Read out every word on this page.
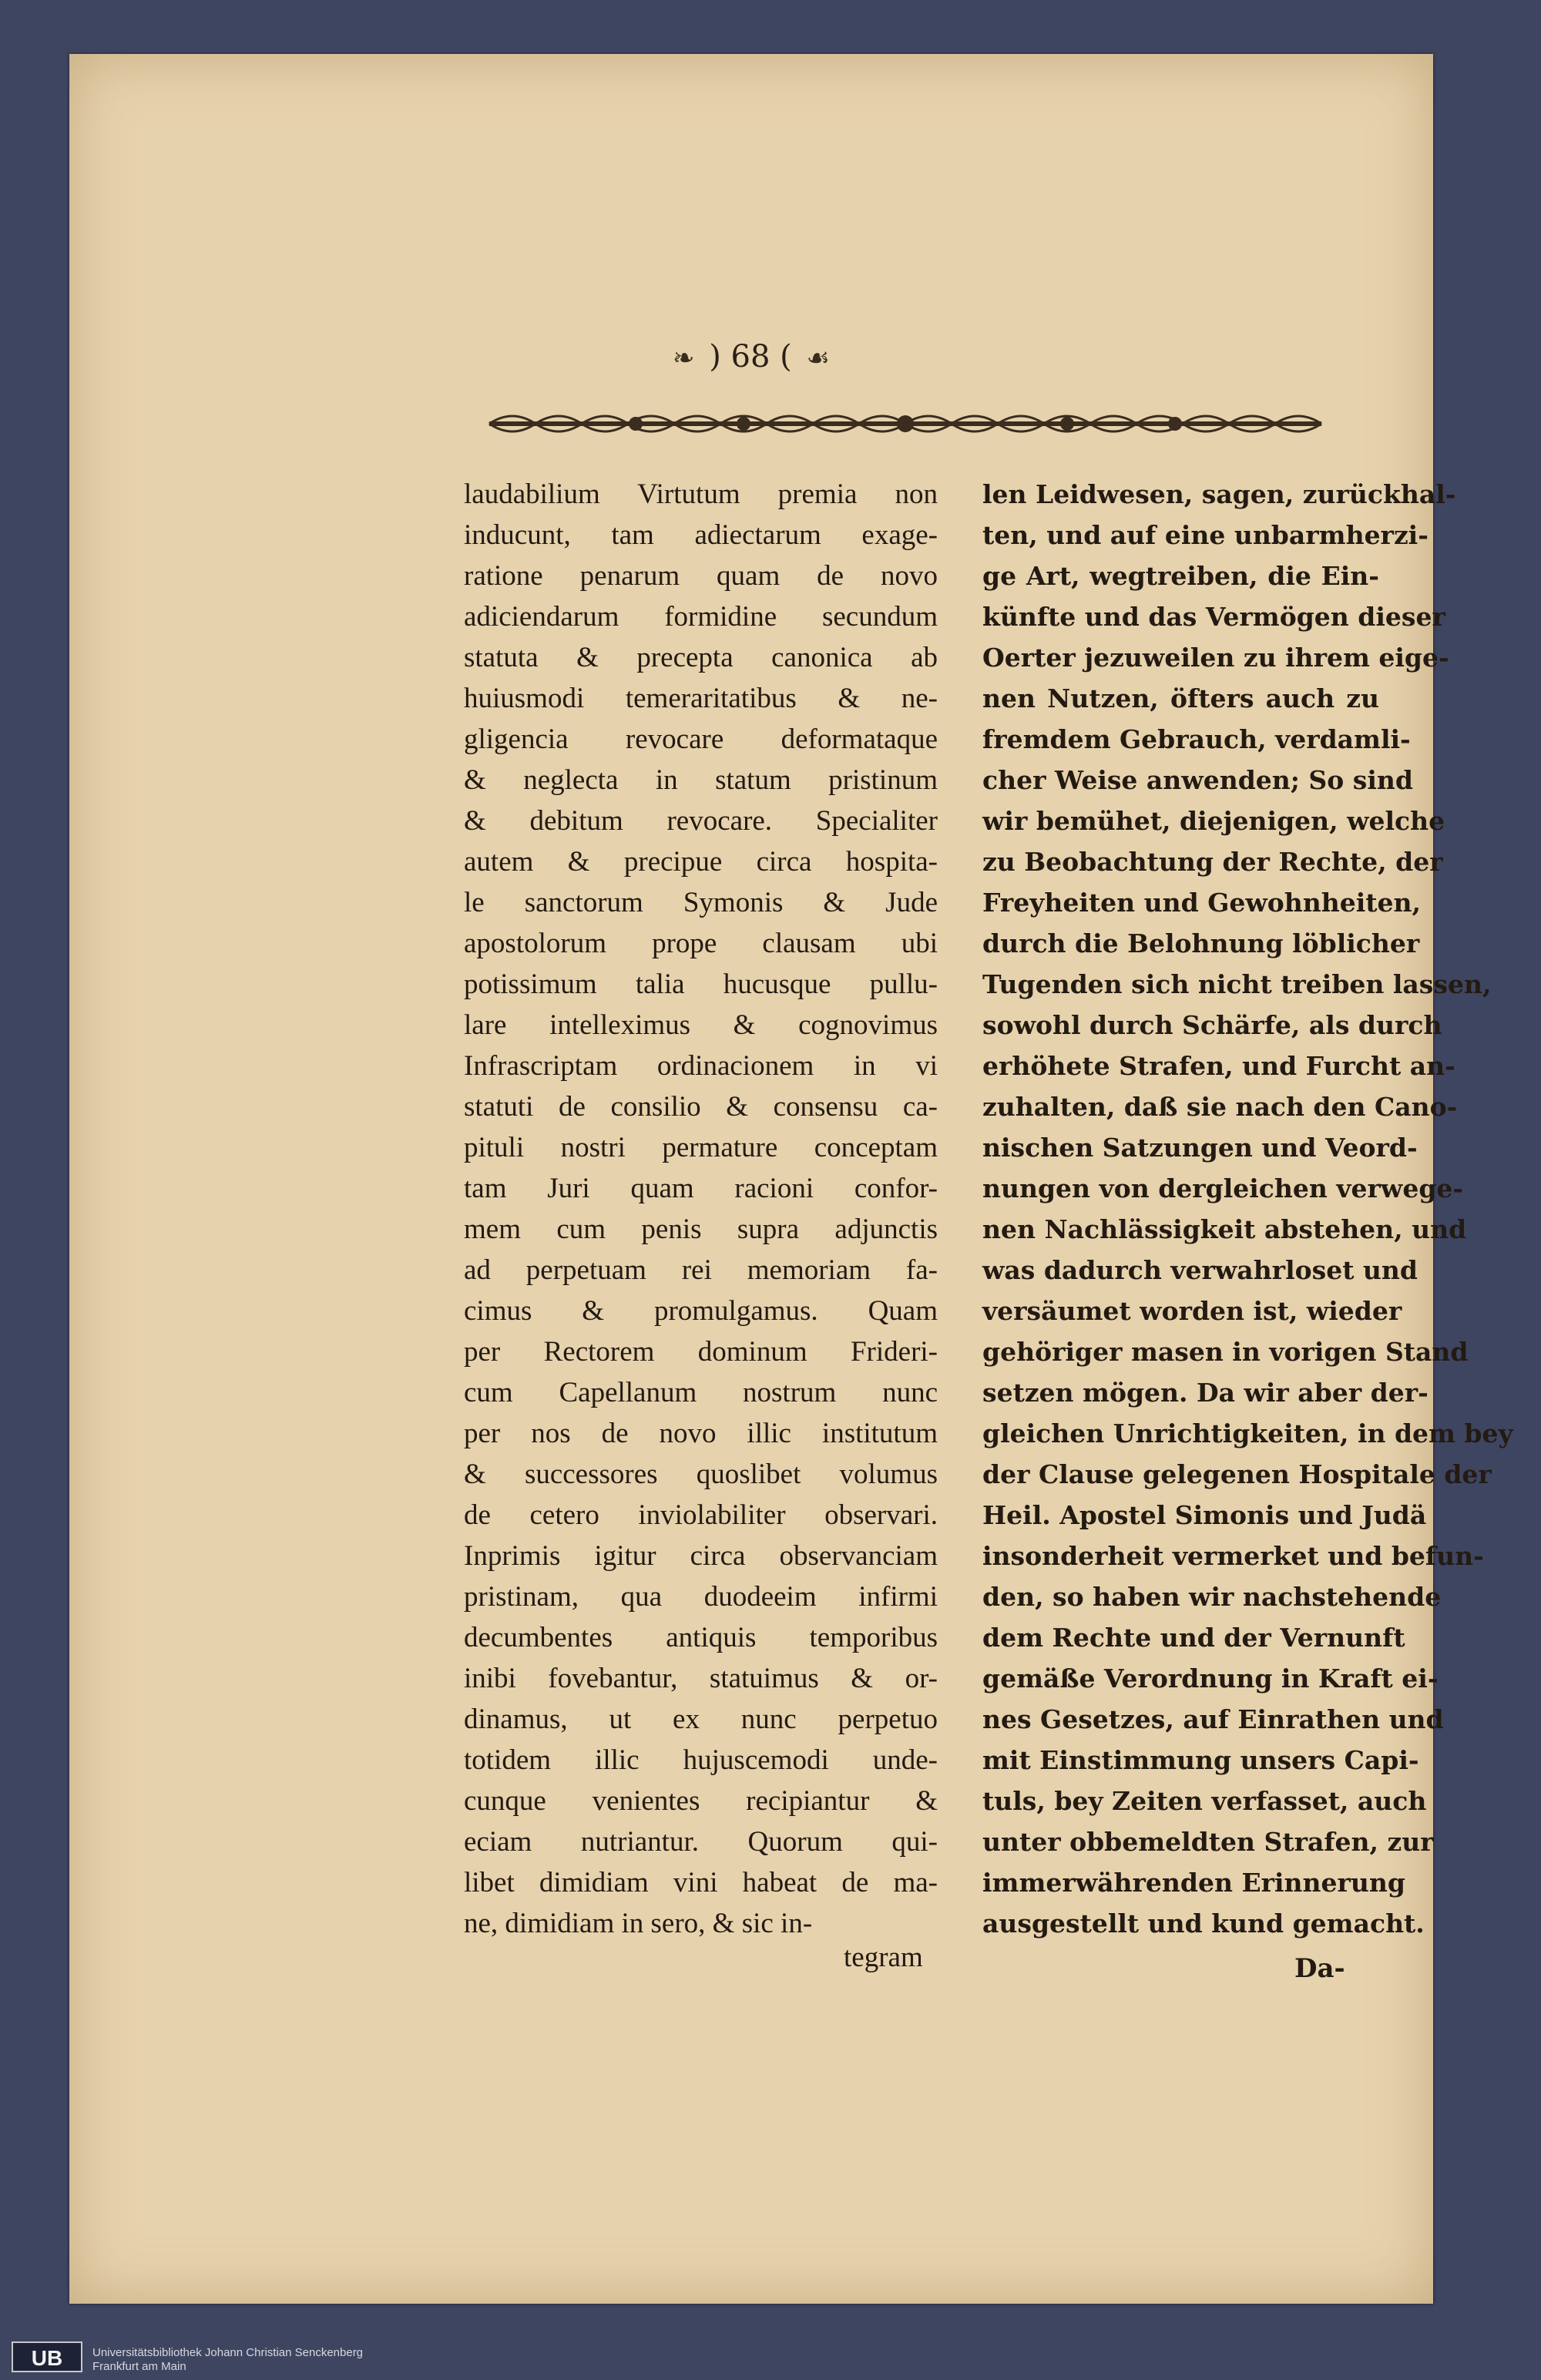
❧ ) 68 ( ☙
laudabilium Virtutum premia non
inducunt, tam adiectarum exage-
ratione penarum quam de novo
adiciendarum formidine secundum
statuta & precepta canonica ab
huiusmodi temeraritatibus & ne-
gligencia revocare deformataque
& neglecta in statum pristinum
& debitum revocare. Specialiter
autem & precipue circa hospita-
le sanctorum Symonis & Jude
apostolorum prope clausam ubi
potissimum talia hucusque pullu-
lare intelleximus & cognovimus
Infrascriptam ordinacionem in vi
statuti de consilio & consensu ca-
pituli nostri permature conceptam
tam Juri quam racioni confor-
mem cum penis supra adjunctis
ad perpetuam rei memoriam fa-
cimus & promulgamus. Quam
per Rectorem dominum Frideri-
cum Capellanum nostrum nunc
per nos de novo illic institutum
& successores quoslibet volumus
de cetero inviolabiliter observari.
Inprimis igitur circa observanciam
pristinam, qua duodeeim infirmi
decumbentes antiquis temporibus
inibi fovebantur, statuimus & or-
dinamus, ut ex nunc perpetuo
totidem illic hujuscemodi unde-
cunque venientes recipiantur &
eciam nutriantur. Quorum qui-
libet dimidiam vini habeat de ma-
ne, dimidiam in sero, & sic in-
tegram
len Leidwesen, sagen, zurückhal-
ten, und auf eine unbarmherzi-
ge Art, wegtreiben, die Ein-
künfte und das Vermögen dieser
Oerter jezuweilen zu ihrem eige-
nen Nutzen, öfters auch zu
fremdem Gebrauch, verdamli-
cher Weise anwenden; So sind
wir bemühet, diejenigen, welche
zu Beobachtung der Rechte, der
Freyheiten und Gewohnheiten,
durch die Belohnung löblicher
Tugenden sich nicht treiben lassen,
sowohl durch Schärfe, als durch
erhöhete Strafen, und Furcht an-
zuhalten, daß sie nach den Cano-
nischen Satzungen und Veord-
nungen von dergleichen verwege-
nen Nachlässigkeit abstehen, und
was dadurch verwahrloset und
versäumet worden ist, wieder
gehöriger masen in vorigen Stand
setzen mögen. Da wir aber der-
gleichen Unrichtigkeiten, in dem bey
der Clause gelegenen Hospitale der
Heil. Apostel Simonis und Judä
insonderheit vermerket und befun-
den, so haben wir nachstehende
dem Rechte und der Vernunft
gemäße Verordnung in Kraft ei-
nes Gesetzes, auf Einrathen und
mit Einstimmung unsers Capi-
tuls, bey Zeiten verfasset, auch
unter obbemeldten Strafen, zur
immerwährenden Erinnerung
ausgestellt und kund gemacht.
Da-
UB	Universitätsbibliothek Johann Christian Senckenberg
Frankfurt am Main
